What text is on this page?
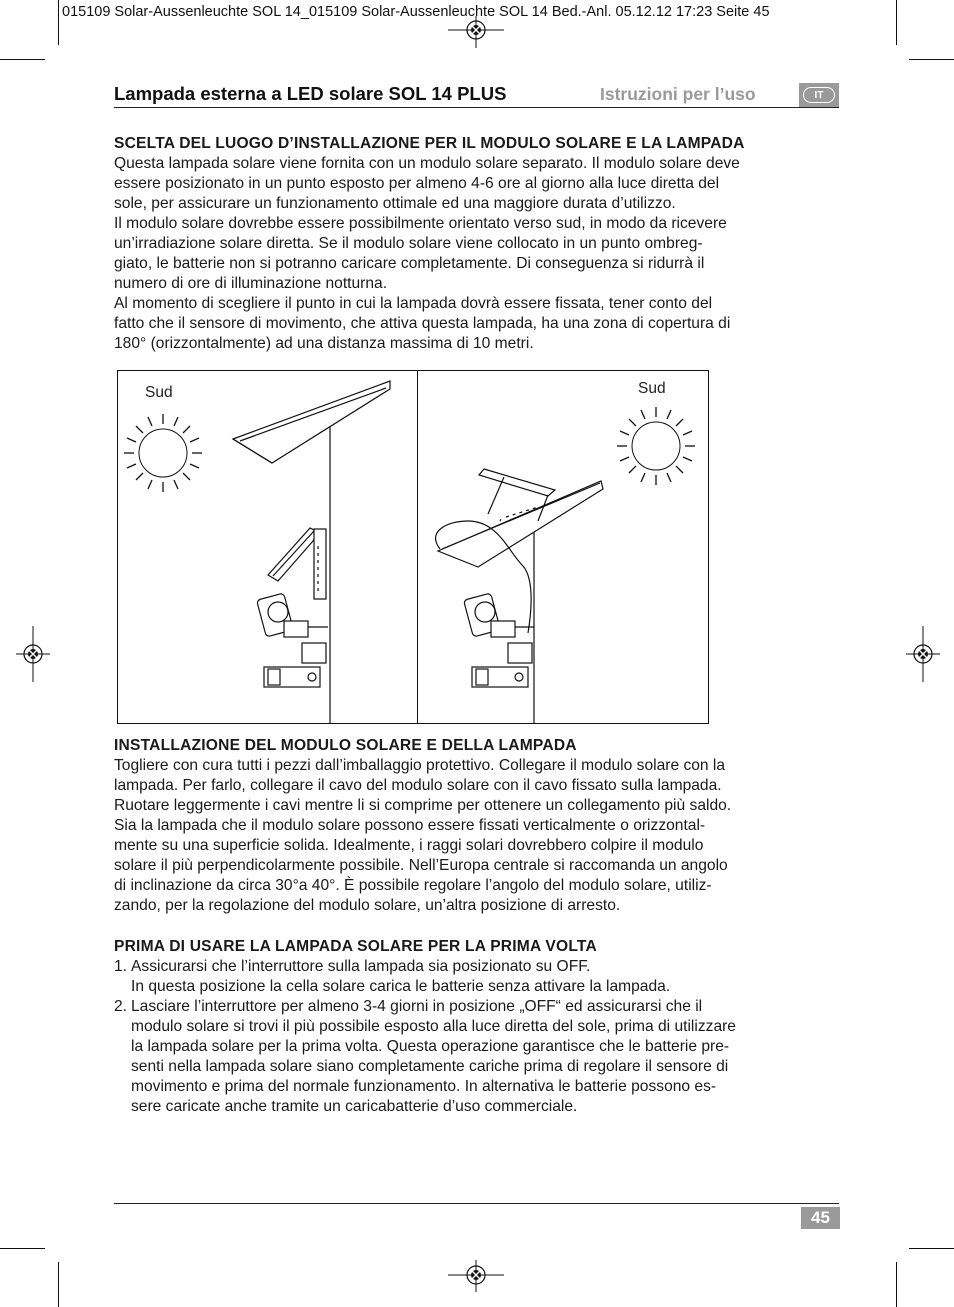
015109 Solar-Aussenleuchte SOL 14_015109 Solar-Aussenleuchte SOL 14 Bed.-Anl. 05.12.12 17:23 Seite 45
Lampada esterna a LED solare SOL 14 PLUS	Istruzioni per l’uso	IT
SCELTA DEL LUOGO D’INSTALLAZIONE PER IL MODULO SOLARE E LA LAMPADA

Questa lampada solare viene fornita con un modulo solare separato. Il modulo solare deve
essere posizionato in un punto esposto per almeno 4-6 ore al giorno alla luce diretta del
sole, per assicurare un funzionamento ottimale ed una maggiore durata d’utilizzo.
Il modulo solare dovrebbe essere possibilmente orientato verso sud, in modo da ricevere
un’irradiazione solare diretta. Se il modulo solare viene collocato in un punto ombreg-
giato, le batterie non si potranno caricare completamente. Di conseguenza si ridurrà il
numero di ore di illuminazione notturna.
Al momento di scegliere il punto in cui la lampada dovrà essere fissata, tener conto del
fatto che il sensore di movimento, che attiva questa lampada, ha una zona di copertura di
180° (orizzontalmente) ad una distanza massima di 10 metri.

Sud	Sud
INSTALLAZIONE DEL MODULO SOLARE E DELLA LAMPADA

Togliere con cura tutti i pezzi dall’imballaggio protettivo. Collegare il modulo solare con la
lampada. Per farlo, collegare il cavo del modulo solare con il cavo fissato sulla lampada.
Ruotare leggermente i cavi mentre li si comprime per ottenere un collegamento più saldo.
Sia la lampada che il modulo solare possono essere fissati verticalmente o orizzontal-
mente su una superficie solida. Idealmente, i raggi solari dovrebbero colpire il modulo
solare il più perpendicolarmente possibile. Nell’Europa centrale si raccomanda un angolo
di inclinazione da circa 30°a 40°. È possibile regolare l’angolo del modulo solare, utiliz-
zando, per la regolazione del modulo solare, un’altra posizione di arresto.

PRIMA DI USARE LA LAMPADA SOLARE PER LA PRIMA VOLTA
1. Assicurarsi che l’interruttore sulla lampada sia posizionato su OFF.
In questa posizione la cella solare carica le batterie senza attivare la lampada.
2. Lasciare l’interruttore per almeno 3-4 giorni in posizione „OFF“ ed assicurarsi che il
modulo solare si trovi il più possibile esposto alla luce diretta del sole, prima di utilizzare
la lampada solare per la prima volta. Questa operazione garantisce che le batterie pre-
senti nella lampada solare siano completamente cariche prima di regolare il sensore di
movimento e prima del normale funzionamento. In alternativa le batterie possono es-
sere caricate anche tramite un caricabatterie d’uso commerciale.
45
